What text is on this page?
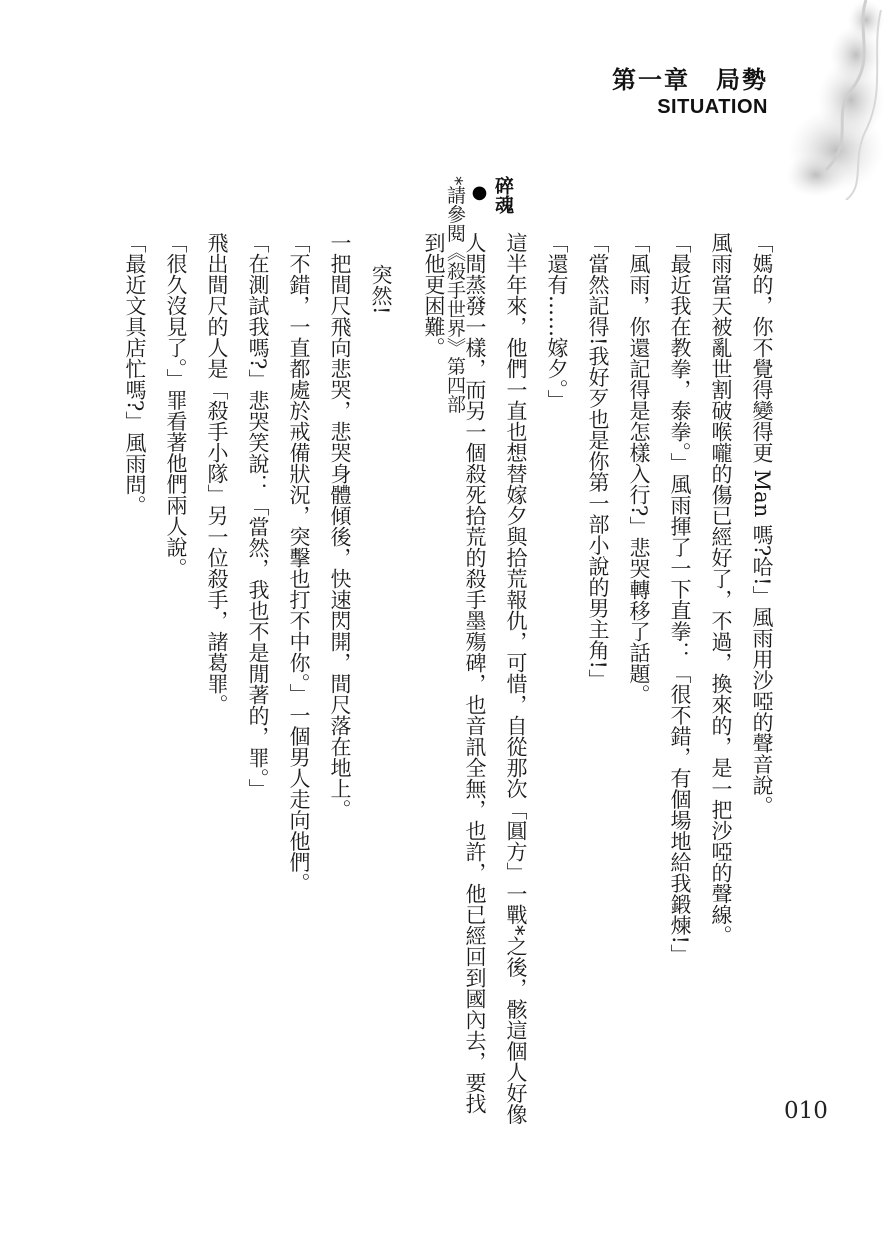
第一章　局勢
SITUATION

「媽的，你不覺得變得更 Man 嗎?哈!」風雨用沙啞的聲音說。

風雨當天被亂世割破喉嚨的傷已經好了，不過，換來的，是一把沙啞的聲線。

「最近我在教拳，泰拳。」風雨揮了一下直拳：「很不錯，有個場地給我鍛煉!」

「風雨，你還記得是怎樣入行?」悲哭轉移了話題。

「當然記得!我好歹也是你第一部小說的男主角!」

「還有……嫁夕。」

這半年來，他們一直也想替嫁夕與拾荒報仇，可惜，自從那次「圓方」一戰*之後，骸這個人好像人間蒸發一樣，而另一個殺死拾荒的殺手墨殤碑，也音訊全無，也許，他已經回到國內去，要找到他更困難。

突然!

一把間尺飛向悲哭，悲哭身體傾後，快速閃開，間尺落在地上。

「不錯，一直都處於戒備狀況，突擊也打不中你。」一個男人走向他們。

「在測試我嗎?」悲哭笑說：「當然，我也不是閒著的，罪。」

飛出間尺的人是「殺手小隊」另一位殺手，諸葛罪。

「很久沒見了。」罪看著他們兩人說。

「最近文具店忙嗎?」風雨問。

碎魂
●
*請參閱《殺手世界》第四部
010
